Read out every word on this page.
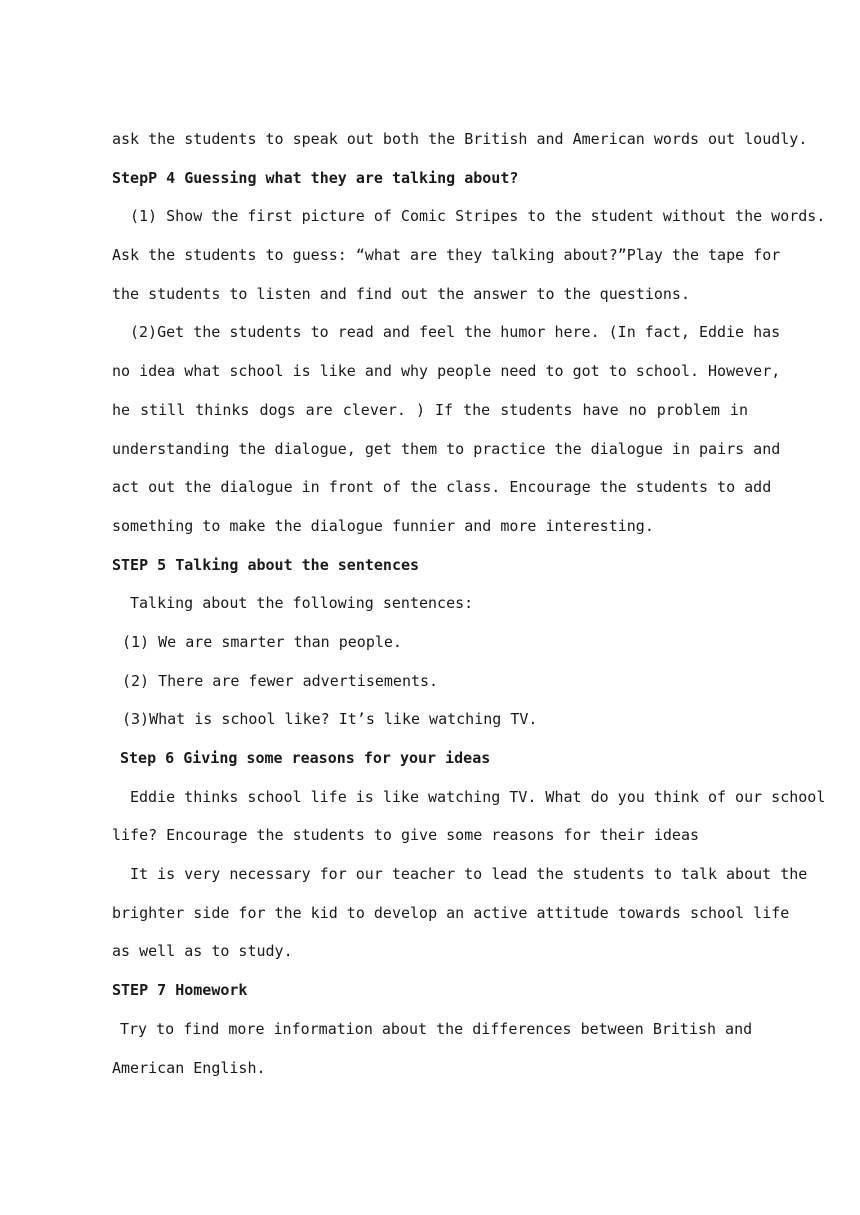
ask the students to speak out both the British and American words out loudly.
StepP 4 Guessing what they are talking about?
(1) Show the first picture of Comic Stripes to the student without the words.
Ask the students to guess: “what are they talking about?”Play the tape for
the students to listen and find out the answer to the questions.
(2)Get the students to read and feel the humor here. (In fact, Eddie has
no idea what school is like and why people need to got to school. However,
he still thinks dogs are clever. ) If the students have no problem in
understanding the dialogue, get them to practice the dialogue in pairs and
act out the dialogue in front of the class. Encourage the students to add
something to make the dialogue funnier and more interesting.
STEP 5 Talking about the sentences
Talking about the following sentences:
(1) We are smarter than people.
(2) There are fewer advertisements.
(3)What is school like? It’s like watching TV.
Step 6 Giving some reasons for your ideas
Eddie thinks school life is like watching TV. What do you think of our school
life? Encourage the students to give some reasons for their ideas
It is very necessary for our teacher to lead the students to talk about the
brighter side for the kid to develop an active attitude towards school life
as well as to study.
STEP 7 Homework
Try to find more information about the differences between British and
American English.
